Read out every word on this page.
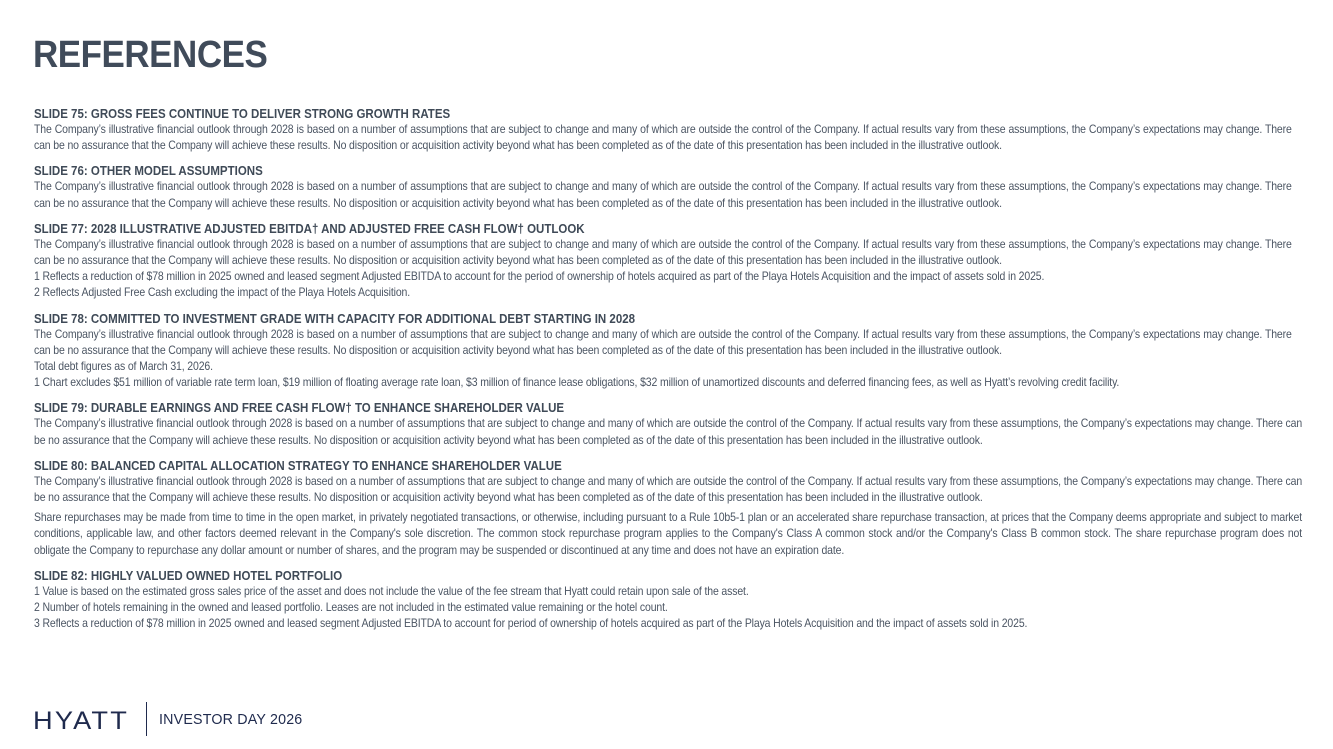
REFERENCES
SLIDE 75: GROSS FEES CONTINUE TO DELIVER STRONG GROWTH RATES
The Company’s illustrative financial outlook through 2028 is based on a number of assumptions that are subject to change and many of which are outside the control of the Company. If actual results vary from these assumptions, the Company’s expectations may change. There can be no assurance that the Company will achieve these results. No disposition or acquisition activity beyond what has been completed as of the date of this presentation has been included in the illustrative outlook.
SLIDE 76: OTHER MODEL ASSUMPTIONS
The Company’s illustrative financial outlook through 2028 is based on a number of assumptions that are subject to change and many of which are outside the control of the Company. If actual results vary from these assumptions, the Company’s expectations may change. There can be no assurance that the Company will achieve these results. No disposition or acquisition activity beyond what has been completed as of the date of this presentation has been included in the illustrative outlook.
SLIDE 77: 2028 ILLUSTRATIVE ADJUSTED EBITDA† AND ADJUSTED FREE CASH FLOW† OUTLOOK
The Company’s illustrative financial outlook through 2028 is based on a number of assumptions that are subject to change and many of which are outside the control of the Company. If actual results vary from these assumptions, the Company’s expectations may change. There can be no assurance that the Company will achieve these results. No disposition or acquisition activity beyond what has been completed as of the date of this presentation has been included in the illustrative outlook.
1 Reflects a reduction of $78 million in 2025 owned and leased segment Adjusted EBITDA to account for the period of ownership of hotels acquired as part of the Playa Hotels Acquisition and the impact of assets sold in 2025.
2 Reflects Adjusted Free Cash excluding the impact of the Playa Hotels Acquisition.
SLIDE 78: COMMITTED TO INVESTMENT GRADE WITH CAPACITY FOR ADDITIONAL DEBT STARTING IN 2028
The Company’s illustrative financial outlook through 2028 is based on a number of assumptions that are subject to change and many of which are outside the control of the Company. If actual results vary from these assumptions, the Company’s expectations may change. There can be no assurance that the Company will achieve these results. No disposition or acquisition activity beyond what has been completed as of the date of this presentation has been included in the illustrative outlook.
Total debt figures as of March 31, 2026.
1 Chart excludes $51 million of variable rate term loan, $19 million of floating average rate loan, $3 million of finance lease obligations, $32 million of unamortized discounts and deferred financing fees, as well as Hyatt’s revolving credit facility.
SLIDE 79: DURABLE EARNINGS AND FREE CASH FLOW† TO ENHANCE SHAREHOLDER VALUE
The Company’s illustrative financial outlook through 2028 is based on a number of assumptions that are subject to change and many of which are outside the control of the Company. If actual results vary from these assumptions, the Company’s expectations may change. There can be no assurance that the Company will achieve these results. No disposition or acquisition activity beyond what has been completed as of the date of this presentation has been included in the illustrative outlook.
SLIDE 80: BALANCED CAPITAL ALLOCATION STRATEGY TO ENHANCE SHAREHOLDER VALUE
The Company’s illustrative financial outlook through 2028 is based on a number of assumptions that are subject to change and many of which are outside the control of the Company. If actual results vary from these assumptions, the Company’s expectations may change. There can be no assurance that the Company will achieve these results. No disposition or acquisition activity beyond what has been completed as of the date of this presentation has been included in the illustrative outlook.
Share repurchases may be made from time to time in the open market, in privately negotiated transactions, or otherwise, including pursuant to a Rule 10b5-1 plan or an accelerated share repurchase transaction, at prices that the Company deems appropriate and subject to market conditions, applicable law, and other factors deemed relevant in the Company's sole discretion. The common stock repurchase program applies to the Company's Class A common stock and/or the Company's Class B common stock. The share repurchase program does not obligate the Company to repurchase any dollar amount or number of shares, and the program may be suspended or discontinued at any time and does not have an expiration date.
SLIDE 82: HIGHLY VALUED OWNED HOTEL PORTFOLIO
1 Value is based on the estimated gross sales price of the asset and does not include the value of the fee stream that Hyatt could retain upon sale of the asset.
2 Number of hotels remaining in the owned and leased portfolio. Leases are not included in the estimated value remaining or the hotel count.
3 Reflects a reduction of $78 million in 2025 owned and leased segment Adjusted EBITDA to account for period of ownership of hotels acquired as part of the Playa Hotels Acquisition and the impact of assets sold in 2025.
HYATT INVESTOR DAY 2026
